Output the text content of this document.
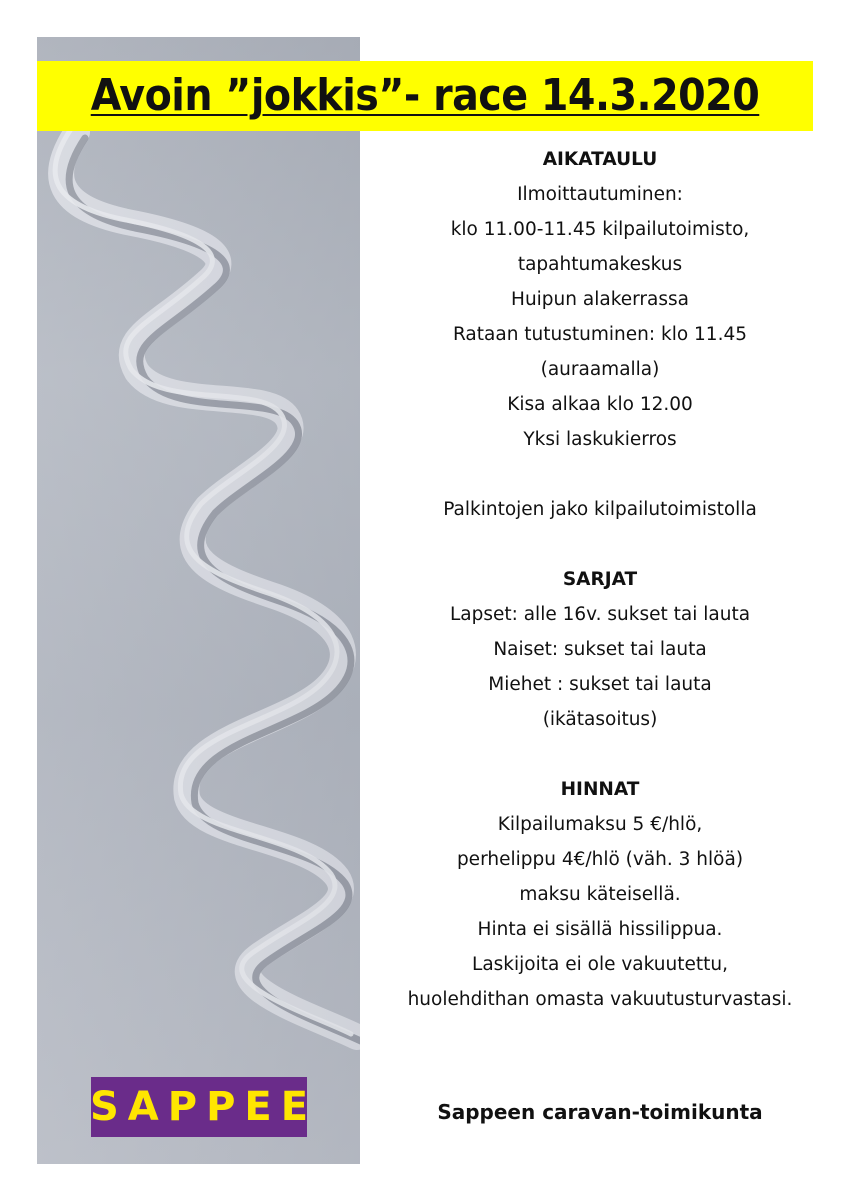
Avoin ”jokkis”- race 14.3.2020
AIKATAULU
Ilmoittautuminen:
klo 11.00-11.45 kilpailutoimisto,
tapahtumakeskus
Huipun alakerrassa
Rataan tutustuminen: klo 11.45
(auraamalla)
Kisa alkaa klo 12.00
Yksi laskukierros
Palkintojen jako kilpailutoimistolla
SARJAT
Lapset: alle 16v. sukset tai lauta
Naiset: sukset tai lauta
Miehet : sukset tai lauta
(ikätasoitus)
HINNAT
Kilpailumaksu 5 €/hlö,
perhelippu 4€/hlö (väh. 3 hlöä)
maksu käteisellä.
Hinta ei sisällä hissilippua.
Laskijoita ei ole vakuutettu,
huolehdithan omasta vakuutusturvastasi.
SAPPEE	Sappeen caravan-toimikunta
